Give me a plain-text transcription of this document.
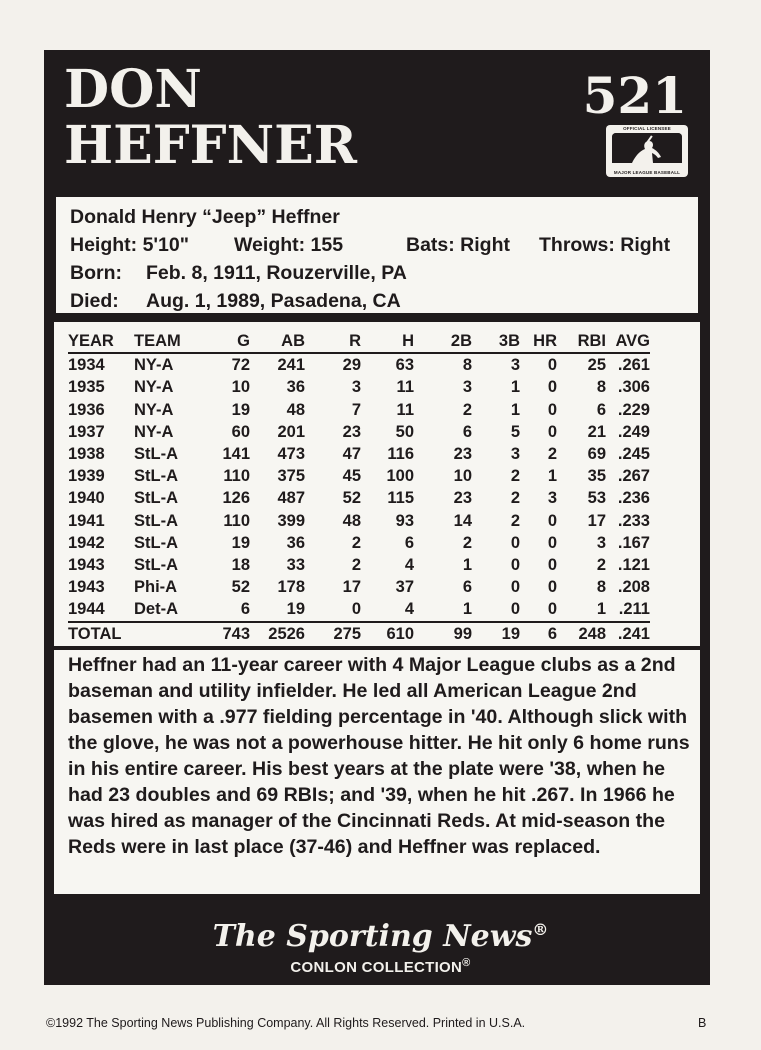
DON
HEFFNER
521
OFFICIAL LICENSEE
MAJOR LEAGUE BASEBALL
Donald Henry “Jeep” Heffner
Height: 5'10" Weight: 155	Bats: Right Throws: Right
Born: Feb. 8, 1911, Rouzerville, PA
Died: Aug. 1, 1989, Pasadena, CA
YEAR	TEAM	G	AB	R	H	2B	3B	HR	RBI	AVG
1934	NY-A	72	241	29	63	8	3	0	25	.261
1935	NY-A	10	36	3	11	3	1	0	8	.306
1936	NY-A	19	48	7	11	2	1	0	6	.229
1937	NY-A	60	201	23	50	6	5	0	21	.249
1938	StL-A	141	473	47	116	23	3	2	69	.245
1939	StL-A	110	375	45	100	10	2	1	35	.267
1940	StL-A	126	487	52	115	23	2	3	53	.236
1941	StL-A	110	399	48	93	14	2	0	17	.233
1942	StL-A	19	36	2	6	2	0	0	3	.167
1943	StL-A	18	33	2	4	1	0	0	2	.121
1943	Phi-A	52	178	17	37	6	0	0	8	.208
1944	Det-A	6	19	0	4	1	0	0	1	.211
TOTAL		743	2526	275	610	99	19	6	248	.241

Heffner had an 11-year career with 4 Major League clubs as a 2nd baseman and utility infielder. He led all American League 2nd basemen with a .977 fielding percentage in '40. Although slick with the glove, he was not a powerhouse hitter. He hit only 6 home runs in his entire career. His best years at the plate were '38, when he had 23 doubles and 69 RBIs; and '39, when he hit .267. In 1966 he was hired as manager of the Cincinnati Reds. At mid-season the Reds were in last place (37-46) and Heffner was replaced.

The Sporting News®
CONLON COLLECTION®
©1992 The Sporting News Publishing Company. All Rights Reserved. Printed in U.S.A.	B
